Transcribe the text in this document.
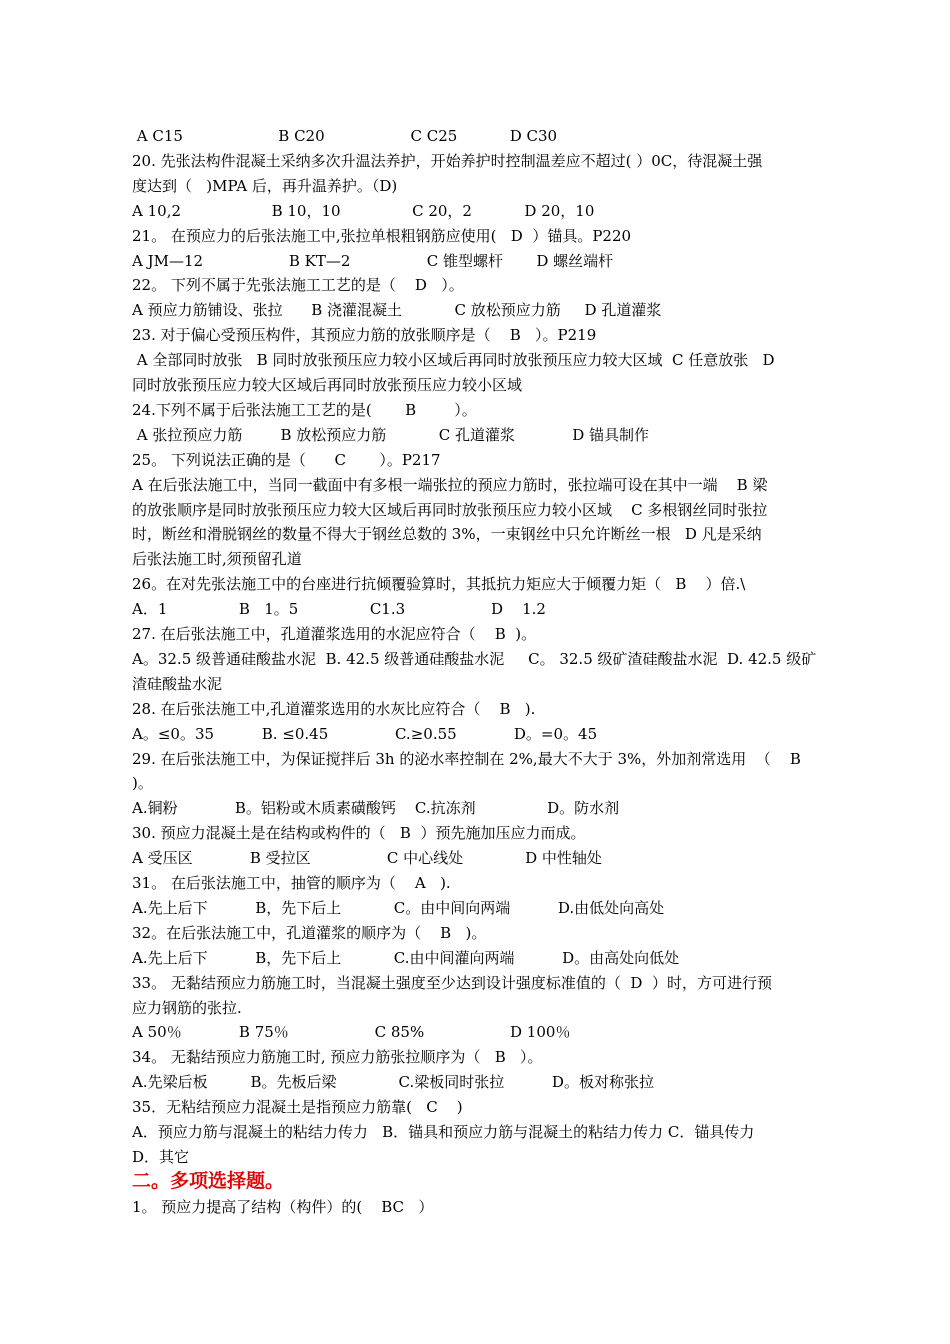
A C15                    B C20                  C C25           D C30
20. 先张法构件混凝土采纳多次升温法养护，开始养护时控制温差应不超过( ）0C，待混凝土强
度达到（   )MPA 后，再升温养护。（D)
A 10,2                   B 10，10               C 20，2           D 20，10
21。 在预应力的后张法施工中,张拉单根粗钢筋应使用(   D  ）锚具。P220
A JM—12                  B KT—2                C 锥型螺杆       D 螺丝端杆
22。 下列不属于先张法施工工艺的是（    D   ）。
A 预应力筋铺设、张拉      B 浇灌混凝土           C 放松预应力筋     D 孔道灌浆
23. 对于偏心受预压构件，其预应力筋的放张顺序是（    B   ）。P219
A 全部同时放张   B 同时放张预压应力较小区域后再同时放张预压应力较大区域  C 任意放张   D
同时放张预压应力较大区域后再同时放张预压应力较小区域
24.下列不属于后张法施工工艺的是(       B        ）。
A 张拉预应力筋        B 放松预应力筋           C 孔道灌浆            D 锚具制作
25。 下列说法正确的是（      C       ）。P217
A 在后张法施工中，当同一截面中有多根一端张拉的预应力筋时，张拉端可设在其中一端    B 梁
的放张顺序是同时放张预压应力较大区域后再同时放张预压应力较小区域    C 多根钢丝同时张拉
时，断丝和滑脱钢丝的数量不得大于钢丝总数的 3%，一束钢丝中只允许断丝一根   D 凡是采纳
后张法施工时,须预留孔道
26。在对先张法施工中的台座进行抗倾覆验算时，其抵抗力矩应大于倾覆力矩（   B    ）倍.\
A．1               B   1。5               C1.3                  D    1.2
27. 在后张法施工中，孔道灌浆选用的水泥应符合（    B  )。
A。32.5 级普通硅酸盐水泥  B. 42.5 级普通硅酸盐水泥     C。 32.5 级矿渣硅酸盐水泥  D. 42.5 级矿
渣硅酸盐水泥
28. 在后张法施工中,孔道灌浆选用的水灰比应符合（    B   ).
A。≤0。35          B. ≤0.45              C.≥0.55            D。=0。45
29. 在后张法施工中，为保证搅拌后 3h 的泌水率控制在 2%,最大不大于 3%，外加剂常选用  （    B
)。
A.铜粉            B。铝粉或木质素磺酸钙    C.抗冻剂               D。防水剂
30. 预应力混凝土是在结构或构件的（   B  ）预先施加压应力而成。
A 受压区            B 受拉区                C 中心线处             D 中性轴处
31。 在后张法施工中，抽管的顺序为（    A   ).
A.先上后下          B，先下后上           C。由中间向两端          D.由低处向高处
32。在后张法施工中，孔道灌浆的顺序为（    B   )。
A.先上后下          B，先下后上           C.由中间灌向两端          D。由高处向低处
33。 无黏结预应力筋施工时，当混凝土强度至少达到设计强度标准值的（  D  ）时，方可进行预
应力钢筋的张拉.
A 50％            B 75％                  C 85%                  D 100％
34。 无黏结预应力筋施工时, 预应力筋张拉顺序为（   B   ）。
A.先梁后板         B。先板后梁             C.梁板同时张拉          D。板对称张拉
35．无粘结预应力混凝土是指预应力筋靠(   C    )
A．预应力筋与混凝土的粘结力传力   B．锚具和预应力筋与混凝土的粘结力传力 C．锚具传力
D．其它
二。多项选择题。
1。 预应力提高了结构（构件）的(    BC   ）
